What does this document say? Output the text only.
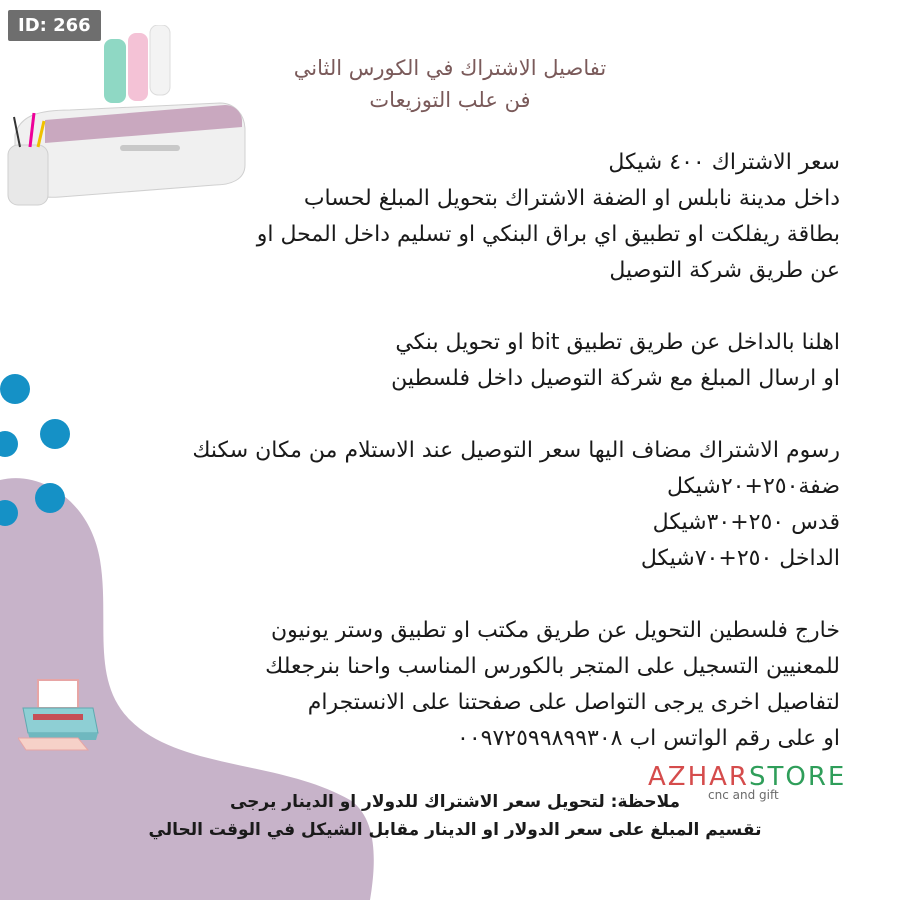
ID: 266
تفاصيل الاشتراك في الكورس الثاني
فن علب التوزيعات
سعر الاشتراك ٤٠٠ شيكل
داخل مدينة نابلس او الضفة الاشتراك بتحويل المبلغ لحساب
بطاقة ريفلكت او تطبيق اي براق البنكي او تسليم داخل المحل او
عن طريق شركة التوصيل
اهلنا بالداخل عن طريق تطبيق bit او تحويل بنكي
او ارسال المبلغ مع شركة التوصيل داخل فلسطين
رسوم الاشتراك مضاف اليها سعر التوصيل عند الاستلام من مكان سكنك
ضفة٢٥٠+٢٠شيكل
قدس ٢٥٠+٣٠شيكل
الداخل ٢٥٠+٧٠شيكل
خارج فلسطين التحويل عن طريق مكتب او تطبيق وستر يونيون
للمعنيين التسجيل على المتجر بالكورس المناسب واحنا بنرجعلك
لتفاصيل اخرى يرجى التواصل على صفحتنا على الانستجرام
او على رقم الواتس اب ٠٠٩٧٢٥٩٩٨٩٩٣٠٨
AZHARSTORE
cnc and gift
ملاحظة: لتحويل سعر الاشتراك للدولار او الدينار يرجى
تقسيم المبلغ على سعر الدولار او الدينار مقابل الشيكل في الوقت الحالي
